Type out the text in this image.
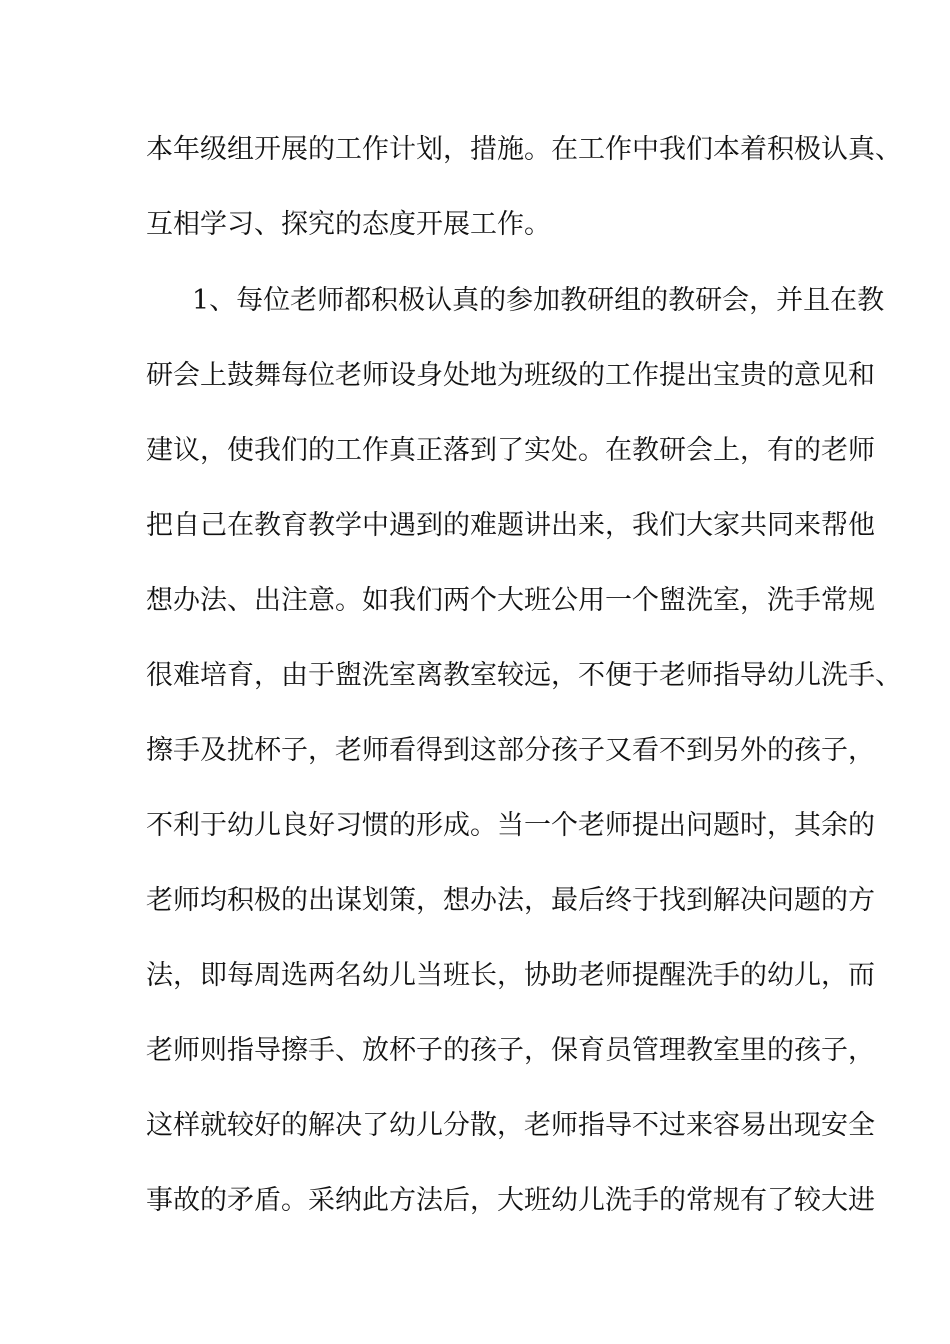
本年级组开展的工作计划，措施。在工作中我们本着积极认真、
互相学习、探究的态度开展工作。
1、每位老师都积极认真的参加教研组的教研会，并且在教
研会上鼓舞每位老师设身处地为班级的工作提出宝贵的意见和
建议，使我们的工作真正落到了实处。在教研会上，有的老师
把自己在教育教学中遇到的难题讲出来，我们大家共同来帮他
想办法、出注意。如我们两个大班公用一个盥洗室，洗手常规
很难培育，由于盥洗室离教室较远，不便于老师指导幼儿洗手、
擦手及扰杯子，老师看得到这部分孩子又看不到另外的孩子，
不利于幼儿良好习惯的形成。当一个老师提出问题时，其余的
老师均积极的出谋划策，想办法，最后终于找到解决问题的方
法，即每周选两名幼儿当班长，协助老师提醒洗手的幼儿，而
老师则指导擦手、放杯子的孩子，保育员管理教室里的孩子，
这样就较好的解决了幼儿分散，老师指导不过来容易出现安全
事故的矛盾。采纳此方法后，大班幼儿洗手的常规有了较大进
